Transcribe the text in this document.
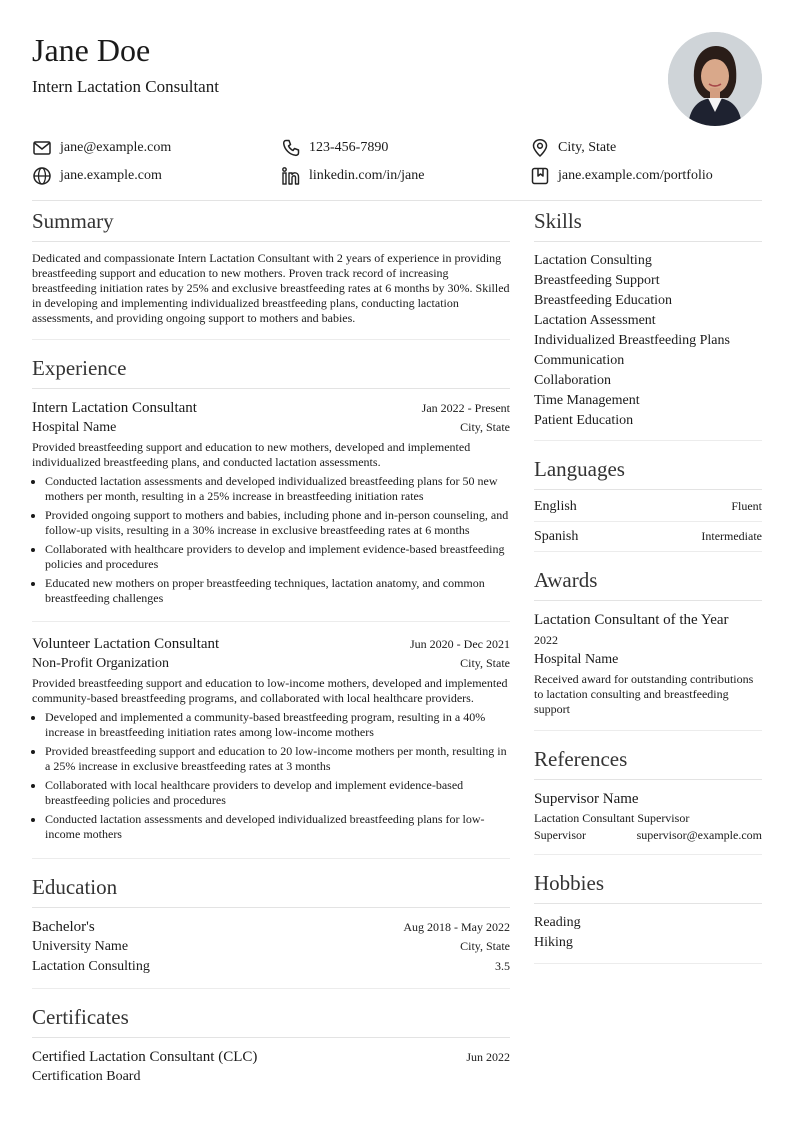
Jane Doe
Intern Lactation Consultant
jane@example.com	123-456-7890	City, State
jane.example.com	linkedin.com/in/jane	jane.example.com/portfolio
Summary
Dedicated and compassionate Intern Lactation Consultant with 2 years of experience in providing breastfeeding support and education to new mothers. Proven track record of increasing breastfeeding initiation rates by 25% and exclusive breastfeeding rates at 6 months by 30%. Skilled in developing and implementing individualized breastfeeding plans, conducting lactation assessments, and providing ongoing support to mothers and babies.
Experience
Intern Lactation Consultant	Jan 2022 - Present
Hospital Name	City, State
Provided breastfeeding support and education to new mothers, developed and implemented individualized breastfeeding plans, and conducted lactation assessments.
• Conducted lactation assessments and developed individualized breastfeeding plans for 50 new mothers per month, resulting in a 25% increase in breastfeeding initiation rates
• Provided ongoing support to mothers and babies, including phone and in-person counseling, and follow-up visits, resulting in a 30% increase in exclusive breastfeeding rates at 6 months
• Collaborated with healthcare providers to develop and implement evidence-based breastfeeding policies and procedures
• Educated new mothers on proper breastfeeding techniques, lactation anatomy, and common breastfeeding challenges
Volunteer Lactation Consultant	Jun 2020 - Dec 2021
Non-Profit Organization	City, State
Provided breastfeeding support and education to low-income mothers, developed and implemented community-based breastfeeding programs, and collaborated with local healthcare providers.
• Developed and implemented a community-based breastfeeding program, resulting in a 40% increase in breastfeeding initiation rates among low-income mothers
• Provided breastfeeding support and education to 20 low-income mothers per month, resulting in a 25% increase in exclusive breastfeeding rates at 3 months
• Collaborated with local healthcare providers to develop and implement evidence-based breastfeeding policies and procedures
• Conducted lactation assessments and developed individualized breastfeeding plans for low-income mothers
Education
Bachelor's	Aug 2018 - May 2022
University Name	City, State
Lactation Consulting	3.5
Certificates
Certified Lactation Consultant (CLC)	Jun 2022
Certification Board
Skills
Lactation Consulting
Breastfeeding Support
Breastfeeding Education
Lactation Assessment
Individualized Breastfeeding Plans
Communication
Collaboration
Time Management
Patient Education
Languages
English	Fluent
Spanish	Intermediate
Awards
Lactation Consultant of the Year
2022
Hospital Name
Received award for outstanding contributions to lactation consulting and breastfeeding support
References
Supervisor Name
Lactation Consultant Supervisor
Supervisor	supervisor@example.com
Hobbies
Reading
Hiking
